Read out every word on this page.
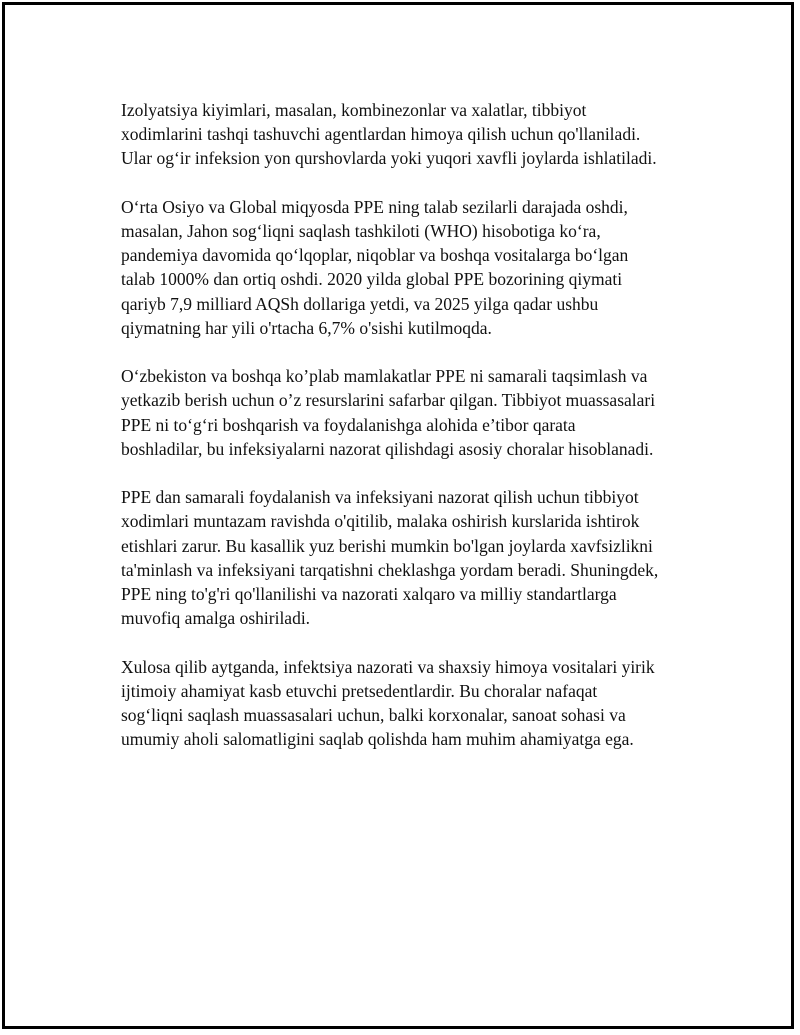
Izolyatsiya kiyimlari, masalan, kombinezonlar va xalatlar, tibbiyot
xodimlarini tashqi tashuvchi agentlardan himoya qilish uchun qo'llaniladi.
Ular og‘ir infeksion yon qurshovlarda yoki yuqori xavfli joylarda ishlatiladi.

O‘rta Osiyo va Global miqyosda PPE ning talab sezilarli darajada oshdi,
masalan, Jahon sog‘liqni saqlash tashkiloti (WHO) hisobotiga ko‘ra,
pandemiya davomida qo‘lqoplar, niqoblar va boshqa vositalarga bo‘lgan
talab 1000% dan ortiq oshdi. 2020 yilda global PPE bozorining qiymati
qariyb 7,9 milliard AQSh dollariga yetdi, va 2025 yilga qadar ushbu
qiymatning har yili o'rtacha 6,7% o'sishi kutilmoqda.

O‘zbekiston va boshqa ko’plab mamlakatlar PPE ni samarali taqsimlash va
yetkazib berish uchun o’z resurslarini safarbar qilgan. Tibbiyot muassasalari
PPE ni to‘g‘ri boshqarish va foydalanishga alohida e’tibor qarata
boshladilar, bu infeksiyalarni nazorat qilishdagi asosiy choralar hisoblanadi.

PPE dan samarali foydalanish va infeksiyani nazorat qilish uchun tibbiyot
xodimlari muntazam ravishda o'qitilib, malaka oshirish kurslarida ishtirok
etishlari zarur. Bu kasallik yuz berishi mumkin bo'lgan joylarda xavfsizlikni
ta'minlash va infeksiyani tarqatishni cheklashga yordam beradi. Shuningdek,
PPE ning to'g'ri qo'llanilishi va nazorati xalqaro va milliy standartlarga
muvofiq amalga oshiriladi.

Xulosa qilib aytganda, infektsiya nazorati va shaxsiy himoya vositalari yirik
ijtimoiy ahamiyat kasb etuvchi pretsedentlardir. Bu choralar nafaqat
sog‘liqni saqlash muassasalari uchun, balki korxonalar, sanoat sohasi va
umumiy aholi salomatligini saqlab qolishda ham muhim ahamiyatga ega.
